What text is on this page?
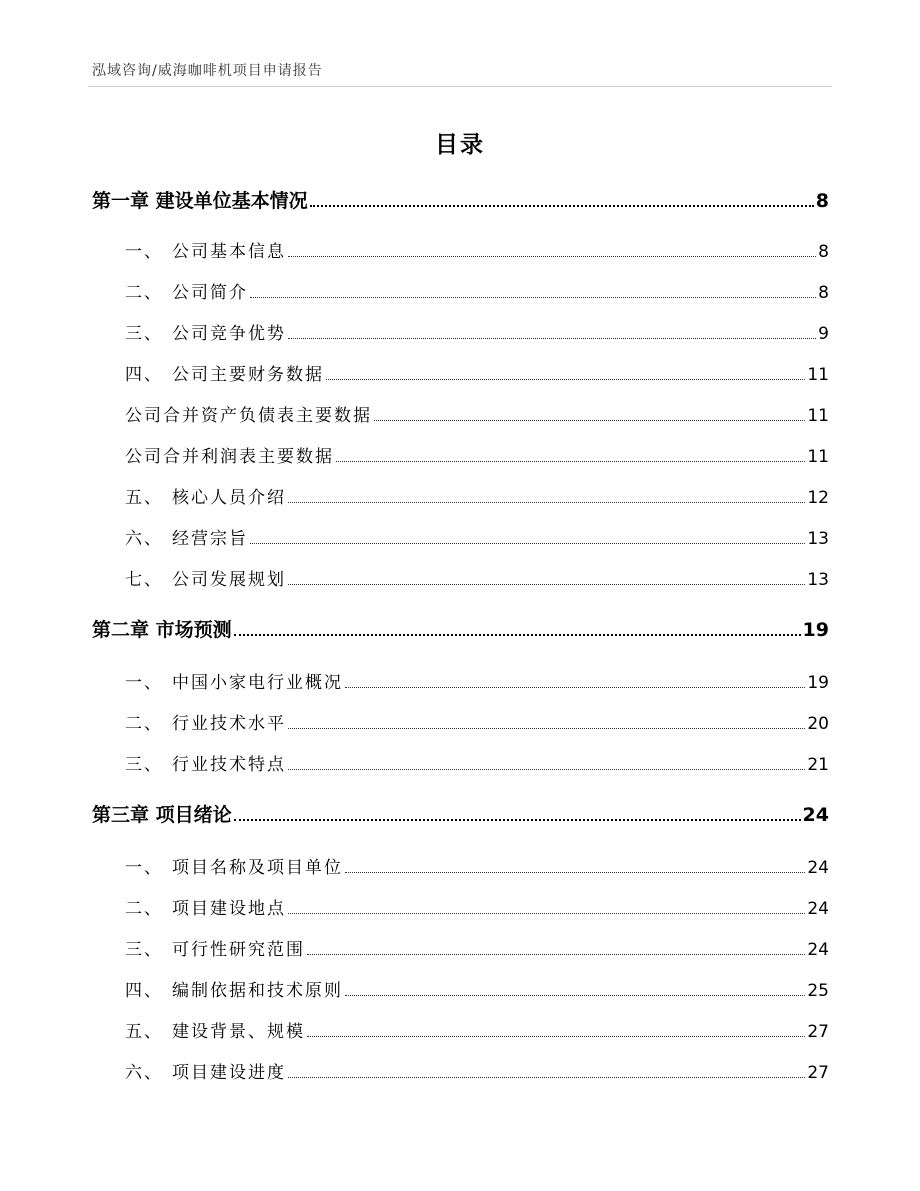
泓域咨询/威海咖啡机项目申请报告
目录
第一章 建设单位基本情况	8
一、 公司基本信息	8
二、 公司简介	8
三、 公司竞争优势	9
四、 公司主要财务数据	11
公司合并资产负债表主要数据	11
公司合并利润表主要数据	11
五、 核心人员介绍	12
六、 经营宗旨	13
七、 公司发展规划	13
第二章 市场预测	19
一、 中国小家电行业概况	19
二、 行业技术水平	20
三、 行业技术特点	21
第三章 项目绪论	24
一、 项目名称及项目单位	24
二、 项目建设地点	24
三、 可行性研究范围	24
四、 编制依据和技术原则	25
五、 建设背景、规模	27
六、 项目建设进度	27
